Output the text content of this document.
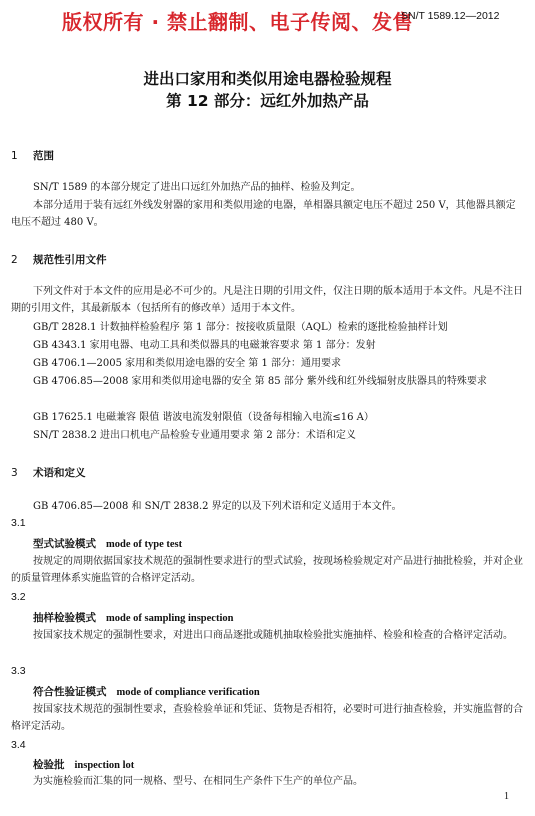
版权所有 · 禁止翻制、电子传阅、发售
SN/T 1589.12—2012
进出口家用和类似用途电器检验规程
第 12 部分：远红外加热产品
1 范围
SN/T 1589 的本部分规定了进出口远红外加热产品的抽样、检验及判定。
本部分适用于装有远红外线发射器的家用和类似用途的电器，单相器具额定电压不超过 250 V，其他器具额定电压不超过 480 V。
2 规范性引用文件
下列文件对于本文件的应用是必不可少的。凡是注日期的引用文件，仅注日期的版本适用于本文件。凡是不注日期的引用文件，其最新版本（包括所有的修改单）适用于本文件。
GB/T 2828.1 计数抽样检验程序 第 1 部分：按接收质量限（AQL）检索的逐批检验抽样计划
GB 4343.1 家用电器、电动工具和类似器具的电磁兼容要求 第 1 部分：发射
GB 4706.1—2005 家用和类似用途电器的安全 第 1 部分：通用要求
GB 4706.85—2008 家用和类似用途电器的安全 第 85 部分 紫外线和红外线辐射皮肤器具的特殊要求
GB 17625.1 电磁兼容 限值 谐波电流发射限值（设备每相输入电流≤16 A）
SN/T 2838.2 进出口机电产品检验专业通用要求 第 2 部分：术语和定义
3 术语和定义
GB 4706.85—2008 和 SN/T 2838.2 界定的以及下列术语和定义适用于本文件。
3.1
型式试验模式 mode of type test
按规定的周期依据国家技术规范的强制性要求进行的型式试验，按现场检验规定对产品进行抽批检验，并对企业的质量管理体系实施监管的合格评定活动。
3.2
抽样检验模式 mode of sampling inspection
按国家技术规定的强制性要求，对进出口商品逐批或随机抽取检验批实施抽样、检验和检查的合格评定活动。
3.3
符合性验证模式 mode of compliance verification
按国家技术规范的强制性要求，查验检验单证和凭证、货物是否相符，必要时可进行抽查检验，并实施监督的合格评定活动。
3.4
检验批 inspection lot
为实施检验而汇集的同一规格、型号、在相同生产条件下生产的单位产品。
1
